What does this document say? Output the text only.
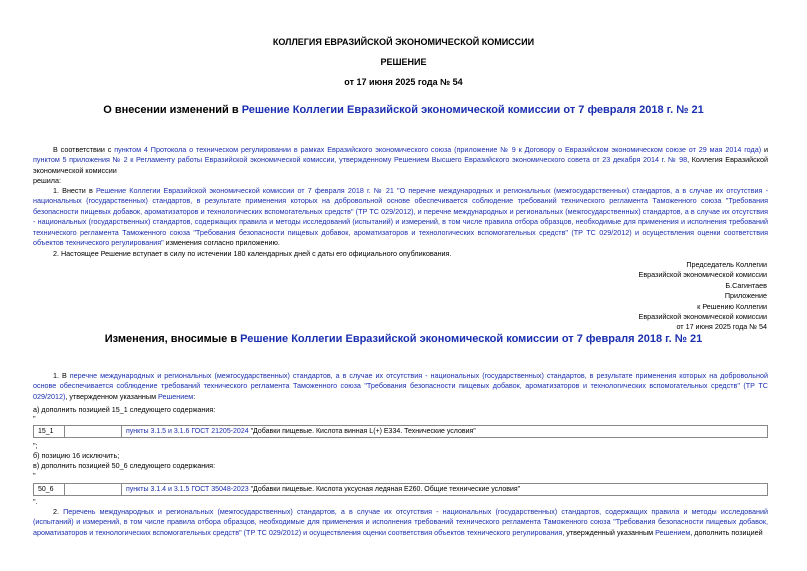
КОЛЛЕГИЯ ЕВРАЗИЙСКОЙ ЭКОНОМИЧЕСКОЙ КОМИССИИ
РЕШЕНИЕ
от 17 июня 2025 года № 54
О внесении изменений в Решение Коллегии Евразийской экономической комиссии от 7 февраля 2018 г. № 21
В соответствии с пунктом 4 Протокола о техническом регулировании в рамках Евразийского экономического союза (приложение № 9 к Договору о Евразийском экономическом союзе от 29 мая 2014 года) и пунктом 5 приложения № 2 к Регламенту работы Евразийской экономической комиссии, утвержденному Решением Высшего Евразийского экономического совета от 23 декабря 2014 г. № 98, Коллегия Евразийской экономической комиссии
решила:
1. Внести в Решение Коллегии Евразийской экономической комиссии от 7 февраля 2018 г. № 21 "О перечне международных и региональных (межгосударственных) стандартов, а в случае их отсутствия - национальных (государственных) стандартов, в результате применения которых на добровольной основе обеспечивается соблюдение требований технического регламента Таможенного союза "Требования безопасности пищевых добавок, ароматизаторов и технологических вспомогательных средств" (ТР ТС 029/2012), и перечне международных и региональных (межгосударственных) стандартов, а в случае их отсутствия - национальных (государственных) стандартов, содержащих правила и методы исследований (испытаний) и измерений, в том числе правила отбора образцов, необходимые для применения и исполнения требований технического регламента Таможенного союза "Требования безопасности пищевых добавок, ароматизаторов и технологических вспомогательных средств" (ТР ТС 029/2012) и осуществления оценки соответствия объектов технического регулирования" изменения согласно приложению.
2. Настоящее Решение вступает в силу по истечении 180 календарных дней с даты его официального опубликования.
Председатель Коллегии
Евразийской экономической комиссии
Б.Сагинтаев
Приложение
к Решению Коллегии
Евразийской экономической комиссии
от 17 июня 2025 года № 54
Изменения, вносимые в Решение Коллегии Евразийской экономической комиссии от 7 февраля 2018 г. № 21
1. В перечне международных и региональных (межгосударственных) стандартов, а в случае их отсутствия - национальных (государственных) стандартов, в результате применения которых на добровольной основе обеспечивается соблюдение требований технического регламента Таможенного союза "Требования безопасности пищевых добавок, ароматизаторов и технологических вспомогательных средств" (ТР ТС 029/2012), утвержденном указанным Решением:
а) дополнить позицией 15_1 следующего содержания:
"
15_1		пункты 3.1.5 и 3.1.6 ГОСТ 21205-2024 "Добавки пищевые. Кислота винная L(+) E334. Технические условия"
";
б) позицию 16 исключить;
в) дополнить позицией 50_6 следующего содержания:
"
50_6		пункты 3.1.4 и 3.1.5 ГОСТ 35048-2023 "Добавки пищевые. Кислота уксусная ледяная E260. Общие технические условия"
".
2. Перечень международных и региональных (межгосударственных) стандартов, а в случае их отсутствия - национальных (государственных) стандартов, содержащих правила и методы исследований (испытаний) и измерений, в том числе правила отбора образцов, необходимые для применения и исполнения требований технического регламента Таможенного союза "Требования безопасности пищевых добавок, ароматизаторов и технологических вспомогательных средств" (ТР ТС 029/2012) и осуществления оценки соответствия объектов технического регулирования, утвержденный указанным Решением, дополнить позицией
